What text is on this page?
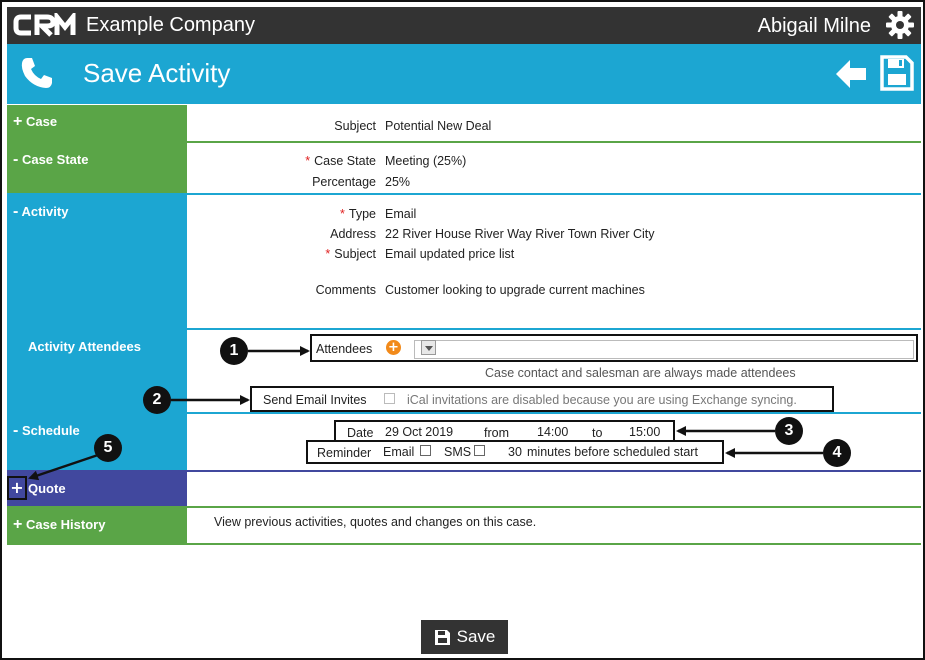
Example Company	Abigail Milne
Save Activity
+ Case	Subject Potential New Deal
- Case State	* Case State Meeting (25%)
Percentage 25%
- Activity	* Type Email
Address 22 River House River Way River Town River City
* Subject Email updated price list
Comments Customer looking to upgrade current machines
Activity Attendees	Attendees +
Case contact and salesman are always made attendees
Send Email Invites	iCal invitations are disabled because you are using Exchange syncing.
- Schedule	Date 29 Oct 2019 from 14:00 to 15:00
Reminder Email SMS	30 minutes before scheduled start
Quote
+
+ Case History	View previous activities, quotes and changes on this case.
1
2
3
4
5
Save
